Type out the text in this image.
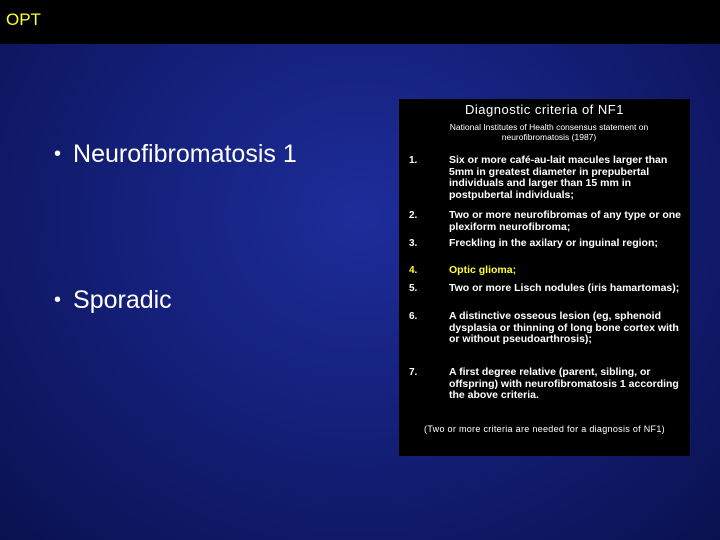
OPT
• Neurofibromatosis 1
• Sporadic
Diagnostic criteria of NF1
National Institutes of Health consensus statement on neurofibromatosis (1987)
1.	Six or more café-au-lait macules larger than 5mm in greatest diameter in prepubertal individuals and larger than 15 mm in postpubertal individuals;
2.	Two or more neurofibromas of any type or one plexiform neurofibroma;
3.	Freckling in the axilary or inguinal region;
4.	Optic glioma;
5.	Two or more Lisch nodules (iris hamartomas);
6.	A distinctive osseous lesion (eg, sphenoid dysplasia or thinning of long bone cortex with or without pseudoarthrosis);
7.	A first degree relative (parent, sibling, or offspring) with neurofibromatosis 1 according the above criteria.
(Two or more criteria are needed for a diagnosis of NF1)
